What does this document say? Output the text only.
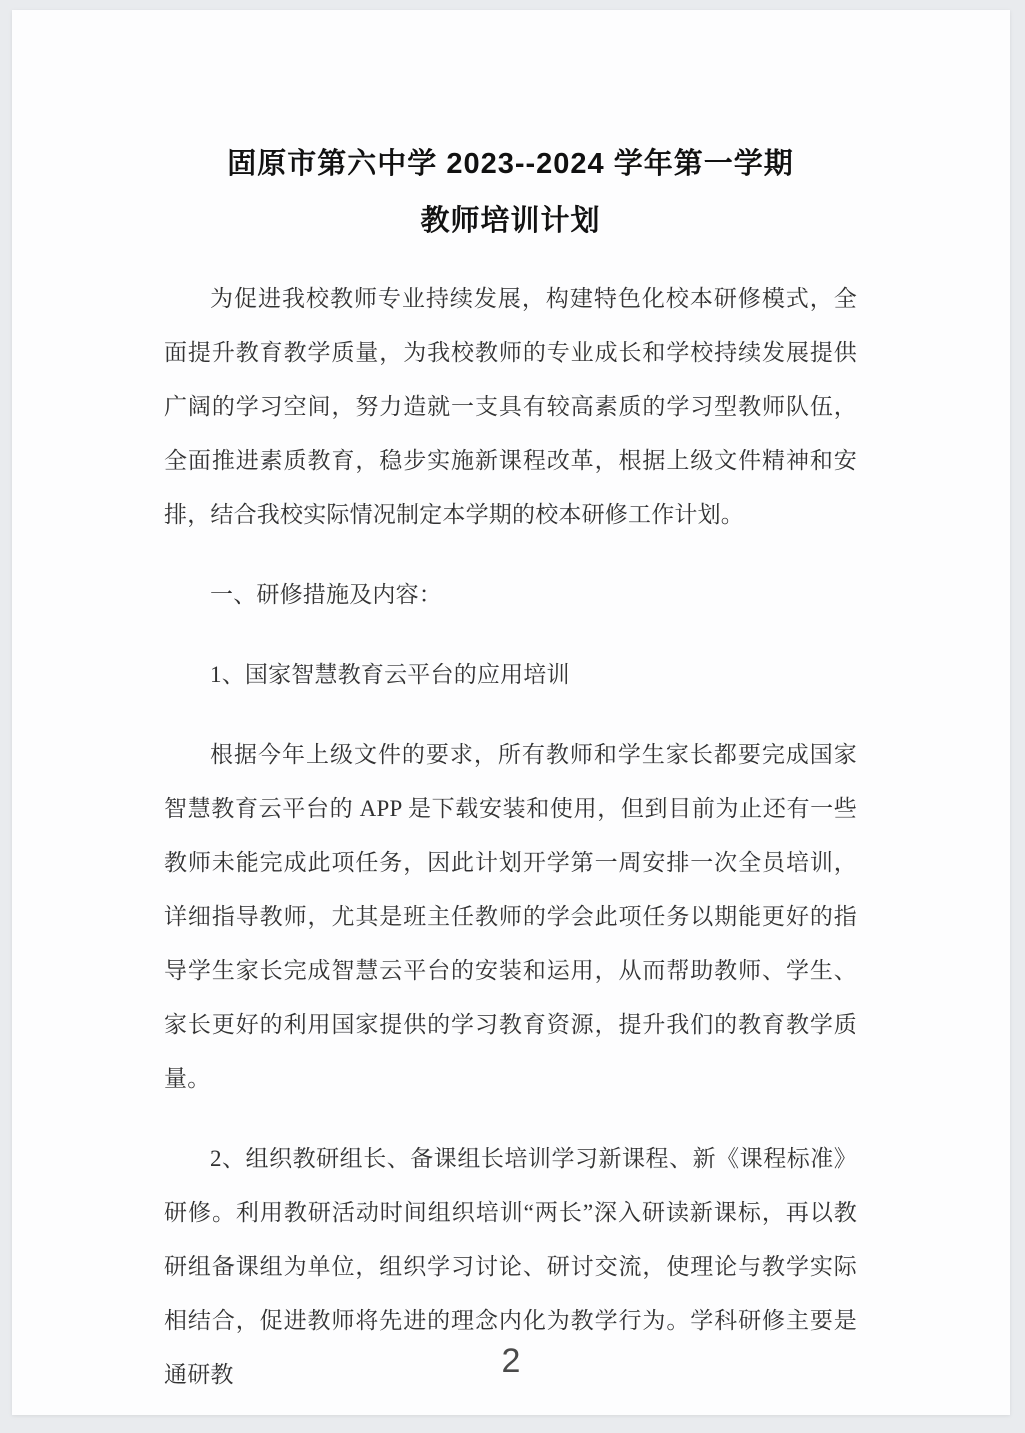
固原市第六中学 2023--2024 学年第一学期
教师培训计划

为促进我校教师专业持续发展，构建特色化校本研修模式，全面提升教育教学质量，为我校教师的专业成长和学校持续发展提供广阔的学习空间，努力造就一支具有较高素质的学习型教师队伍，全面推进素质教育，稳步实施新课程改革，根据上级文件精神和安排，结合我校实际情况制定本学期的校本研修工作计划。

一、研修措施及内容：

1、国家智慧教育云平台的应用培训

根据今年上级文件的要求，所有教师和学生家长都要完成国家智慧教育云平台的 APP 是下载安装和使用，但到目前为止还有一些教师未能完成此项任务，因此计划开学第一周安排一次全员培训，详细指导教师，尤其是班主任教师的学会此项任务以期能更好的指导学生家长完成智慧云平台的安装和运用，从而帮助教师、学生、家长更好的利用国家提供的学习教育资源，提升我们的教育教学质量。

2、组织教研组长、备课组长培训学习新课程、新《课程标准》研修。利用教研活动时间组织培训“两长”深入研读新课标，再以教研组备课组为单位，组织学习讨论、研讨交流，使理论与教学实际相结合，促进教师将先进的理念内化为教学行为。学科研修主要是通研教	2
